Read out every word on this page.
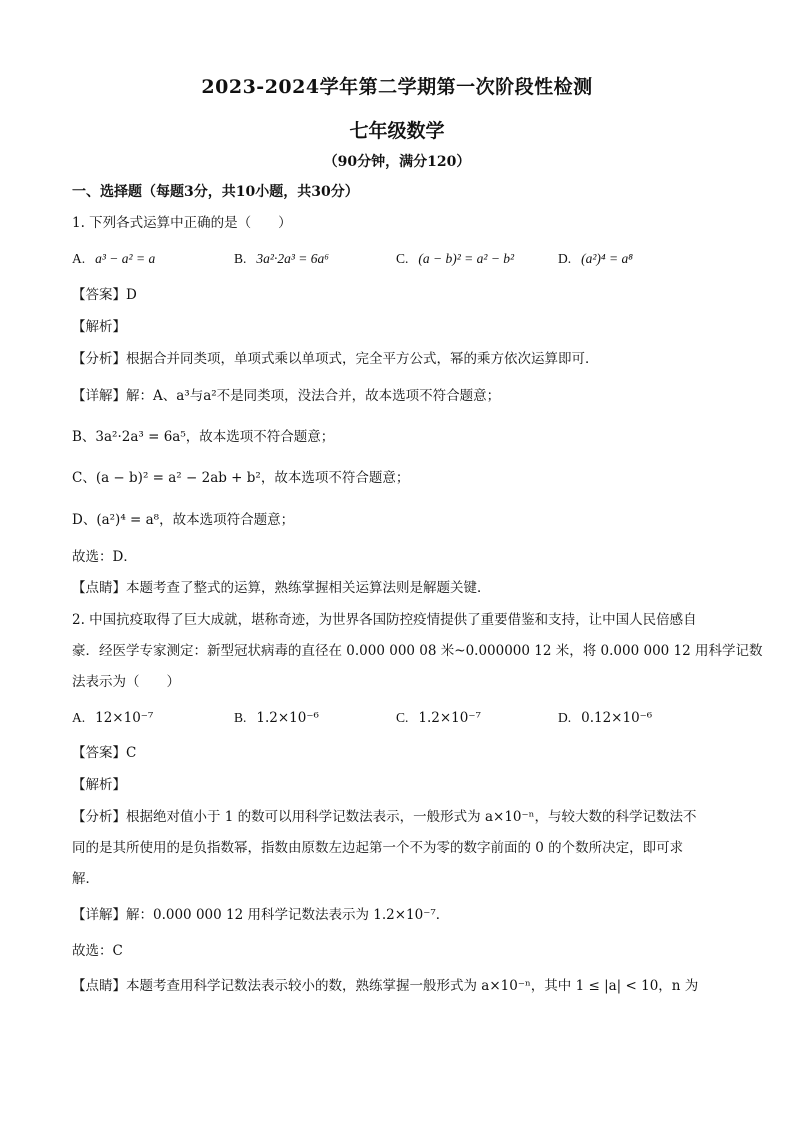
2023-2024学年第二学期第一次阶段性检测
七年级数学
（90分钟，满分120）
一、选择题（每题3分，共10小题，共30分）
1. 下列各式运算中正确的是（　　）
A. a³ − a² = a	B. 3a²·2a³ = 6a⁶	C. (a − b)² = a² − b²	D. (a²)⁴ = a⁸
【答案】D
【解析】
【分析】根据合并同类项，单项式乘以单项式，完全平方公式，幂的乘方依次运算即可．
【详解】解：A、a³与a²不是同类项，没法合并，故本选项不符合题意；
B、3a²·2a³ = 6a⁵，故本选项不符合题意；
C、(a − b)² = a² − 2ab + b²，故本选项不符合题意；
D、(a²)⁴ = a⁸，故本选项符合题意；
故选：D．
【点睛】本题考查了整式的运算，熟练掌握相关运算法则是解题关键．
2. 中国抗疫取得了巨大成就，堪称奇迹，为世界各国防控疫情提供了重要借鉴和支持，让中国人民倍感自
豪．经医学专家测定：新型冠状病毒的直径在 0.000 000 08 米~0.000000 12 米，将 0.000 000 12 用科学记数
法表示为（　　）
A. 12×10⁻⁷	B. 1.2×10⁻⁶	C. 1.2×10⁻⁷	D. 0.12×10⁻⁶
【答案】C
【解析】
【分析】根据绝对值小于 1 的数可以用科学记数法表示，一般形式为 a×10⁻ⁿ，与较大数的科学记数法不
同的是其所使用的是负指数幂，指数由原数左边起第一个不为零的数字前面的 0 的个数所决定，即可求
解．
【详解】解：0.000 000 12 用科学记数法表示为 1.2×10⁻⁷．
故选：C
【点睛】本题考查用科学记数法表示较小的数，熟练掌握一般形式为 a×10⁻ⁿ，其中 1 ≤ |a| < 10，n 为
